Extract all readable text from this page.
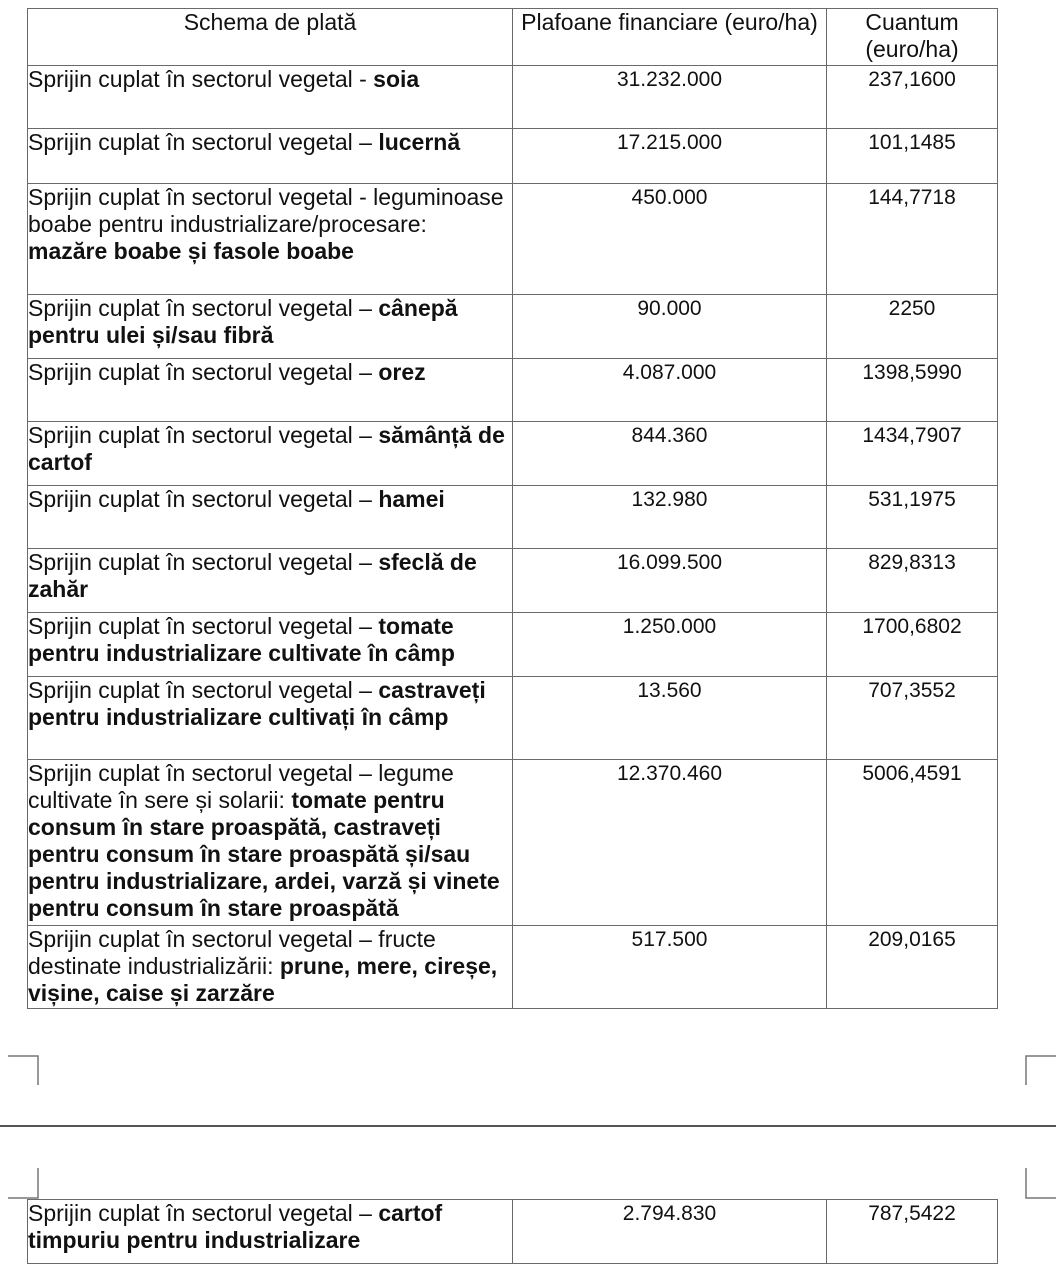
Schema de plată	Plafoane financiare (euro/ha)	Cuantum (euro/ha)
Sprijin cuplat în sectorul vegetal - soia	31.232.000	237,1600
Sprijin cuplat în sectorul vegetal – lucernă	17.215.000	101,1485
Sprijin cuplat în sectorul vegetal - leguminoase boabe pentru industrializare/procesare: mazăre boabe și fasole boabe	450.000	144,7718
Sprijin cuplat în sectorul vegetal – cânepă pentru ulei și/sau fibră	90.000	2250
Sprijin cuplat în sectorul vegetal – orez	4.087.000	1398,5990
Sprijin cuplat în sectorul vegetal – sămânță de cartof	844.360	1434,7907
Sprijin cuplat în sectorul vegetal – hamei	132.980	531,1975
Sprijin cuplat în sectorul vegetal – sfeclă de zahăr	16.099.500	829,8313
Sprijin cuplat în sectorul vegetal – tomate pentru industrializare cultivate în câmp	1.250.000	1700,6802
Sprijin cuplat în sectorul vegetal – castraveți pentru industrializare cultivați în câmp	13.560	707,3552
Sprijin cuplat în sectorul vegetal – legume cultivate în sere și solarii: tomate pentru consum în stare proaspătă, castraveți pentru consum în stare proaspătă și/sau pentru industrializare, ardei, varză și vinete pentru consum în stare proaspătă	12.370.460	5006,4591
Sprijin cuplat în sectorul vegetal – fructe destinate industrializării: prune, mere, cireșe, vișine, caise și zarzăre	517.500	209,0165
Sprijin cuplat în sectorul vegetal – cartof timpuriu pentru industrializare	2.794.830	787,5422
